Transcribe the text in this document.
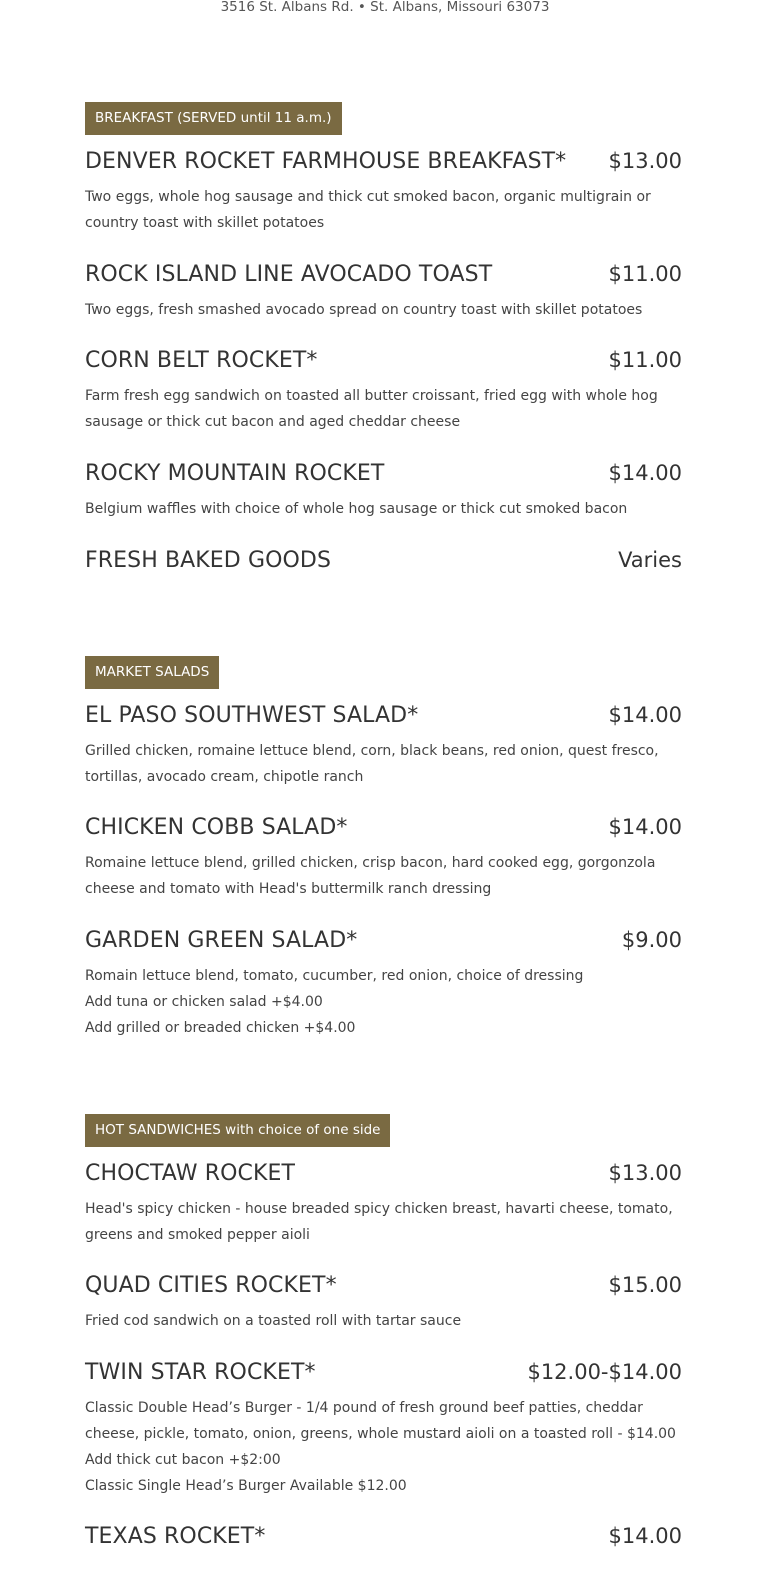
3516 St. Albans Rd. • St. Albans, Missouri 63073
BREAKFAST (SERVED until 11 a.m.)
DENVER ROCKET FARMHOUSE BREAKFAST* $13.00
Two eggs, whole hog sausage and thick cut smoked bacon, organic multigrain or country toast with skillet potatoes
ROCK ISLAND LINE AVOCADO TOAST	$11.00
Two eggs, fresh smashed avocado spread on country toast with skillet potatoes
CORN BELT ROCKET*	$11.00
Farm fresh egg sandwich on toasted all butter croissant, fried egg with whole hog sausage or thick cut bacon and aged cheddar cheese
ROCKY MOUNTAIN ROCKET	$14.00
Belgium waffles with choice of whole hog sausage or thick cut smoked bacon
FRESH BAKED GOODS	Varies
MARKET SALADS
EL PASO SOUTHWEST SALAD*	$14.00
Grilled chicken, romaine lettuce blend, corn, black beans, red onion, quest fresco, tortillas, avocado cream, chipotle ranch
CHICKEN COBB SALAD*	$14.00
Romaine lettuce blend, grilled chicken, crisp bacon, hard cooked egg, gorgonzola cheese and tomato with Head's buttermilk ranch dressing
GARDEN GREEN SALAD*	$9.00
Romain lettuce blend, tomato, cucumber, red onion, choice of dressing
Add tuna or chicken salad +$4.00
Add grilled or breaded chicken +$4.00
HOT SANDWICHES with choice of one side
CHOCTAW ROCKET	$13.00
Head's spicy chicken - house breaded spicy chicken breast, havarti cheese, tomato, greens and smoked pepper aioli
QUAD CITIES ROCKET*	$15.00
Fried cod sandwich on a toasted roll with tartar sauce
TWIN STAR ROCKET*	$12.00-$14.00
Classic Double Head’s Burger - 1/4 pound of fresh ground beef patties, cheddar cheese, pickle, tomato, onion, greens, whole mustard aioli on a toasted roll - $14.00
Add thick cut bacon +$2:00
Classic Single Head’s Burger Available $12.00
TEXAS ROCKET*	$14.00
